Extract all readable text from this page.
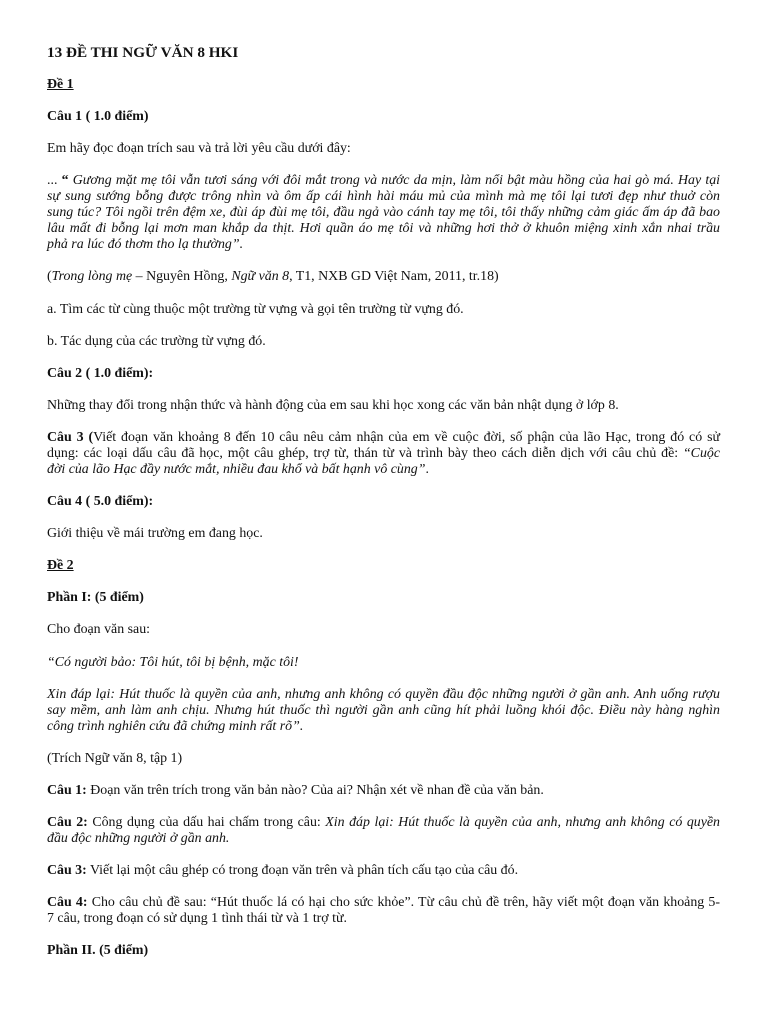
13 ĐỀ THI NGỮ VĂN 8 HKI
Đề 1
Câu 1 ( 1.0 điểm)
Em hãy đọc đoạn trích sau và trả lời yêu cầu dưới đây:
... “ Gương mặt mẹ tôi vẫn tươi sáng với đôi mắt trong và nước da mịn, làm nổi bật màu hồng của hai gò má. Hay tại
sự sung sướng bỗng được trông nhìn và ôm ấp cái hình hài máu mủ của mình mà mẹ tôi lại tươi đẹp như thuở còn
sung túc? Tôi ngồi trên đệm xe, đùi áp đùi mẹ tôi, đầu ngả vào cánh tay mẹ tôi, tôi thấy những cảm giác ấm áp đã bao
lâu mất đi bỗng lại mơn man khắp da thịt. Hơi quần áo mẹ tôi và những hơi thở ở khuôn miệng xinh xắn nhai trầu
phả ra lúc đó thơm tho lạ thường”.
(Trong lòng mẹ – Nguyên Hồng, Ngữ văn 8, T1, NXB GD Việt Nam, 2011, tr.18)
a. Tìm các từ cùng thuộc một trường từ vựng và gọi tên trường từ vựng đó.
b. Tác dụng của các trường từ vựng đó.
Câu 2 ( 1.0 điểm):
Những thay đổi trong nhận thức và hành động của em sau khi học xong các văn bản nhật dụng ở lớp 8.
Câu 3 (Viết đoạn văn khoảng 8 đến 10 câu nêu cảm nhận của em về cuộc đời, số phận của lão Hạc, trong đó có sử
dụng: các loại dấu câu đã học, một câu ghép, trợ từ, thán từ và trình bày theo cách diễn dịch với câu chủ đề: “Cuộc
đời của lão Hạc đầy nước mắt, nhiều đau khổ và bất hạnh vô cùng”.
Câu 4 ( 5.0 điểm):
Giới thiệu về mái trường em đang học.
Đề 2
Phần I: (5 điểm)
Cho đoạn văn sau:
“Có người bảo: Tôi hút, tôi bị bệnh, mặc tôi!
Xin đáp lại: Hút thuốc là quyền của anh, nhưng anh không có quyền đầu độc những người ở gần anh. Anh uống rượu
say mềm, anh làm anh chịu. Nhưng hút thuốc thì người gần anh cũng hít phải luồng khói độc. Điều này hàng nghìn
công trình nghiên cứu đã chứng minh rất rõ”.
(Trích Ngữ văn 8, tập 1)
Câu 1: Đoạn văn trên trích trong văn bản nào? Của ai? Nhận xét về nhan đề của văn bản.
Câu 2: Công dụng của dấu hai chấm trong câu: Xin đáp lại: Hút thuốc là quyền của anh, nhưng anh không có quyền
đầu độc những người ở gần anh.
Câu 3: Viết lại một câu ghép có trong đoạn văn trên và phân tích cấu tạo của câu đó.
Câu 4: Cho câu chủ đề sau: “Hút thuốc lá có hại cho sức khỏe”. Từ câu chủ đề trên, hãy viết một đoạn văn khoảng 5-
7 câu, trong đoạn có sử dụng 1 tình thái từ và 1 trợ từ.
Phần II. (5 điểm)
